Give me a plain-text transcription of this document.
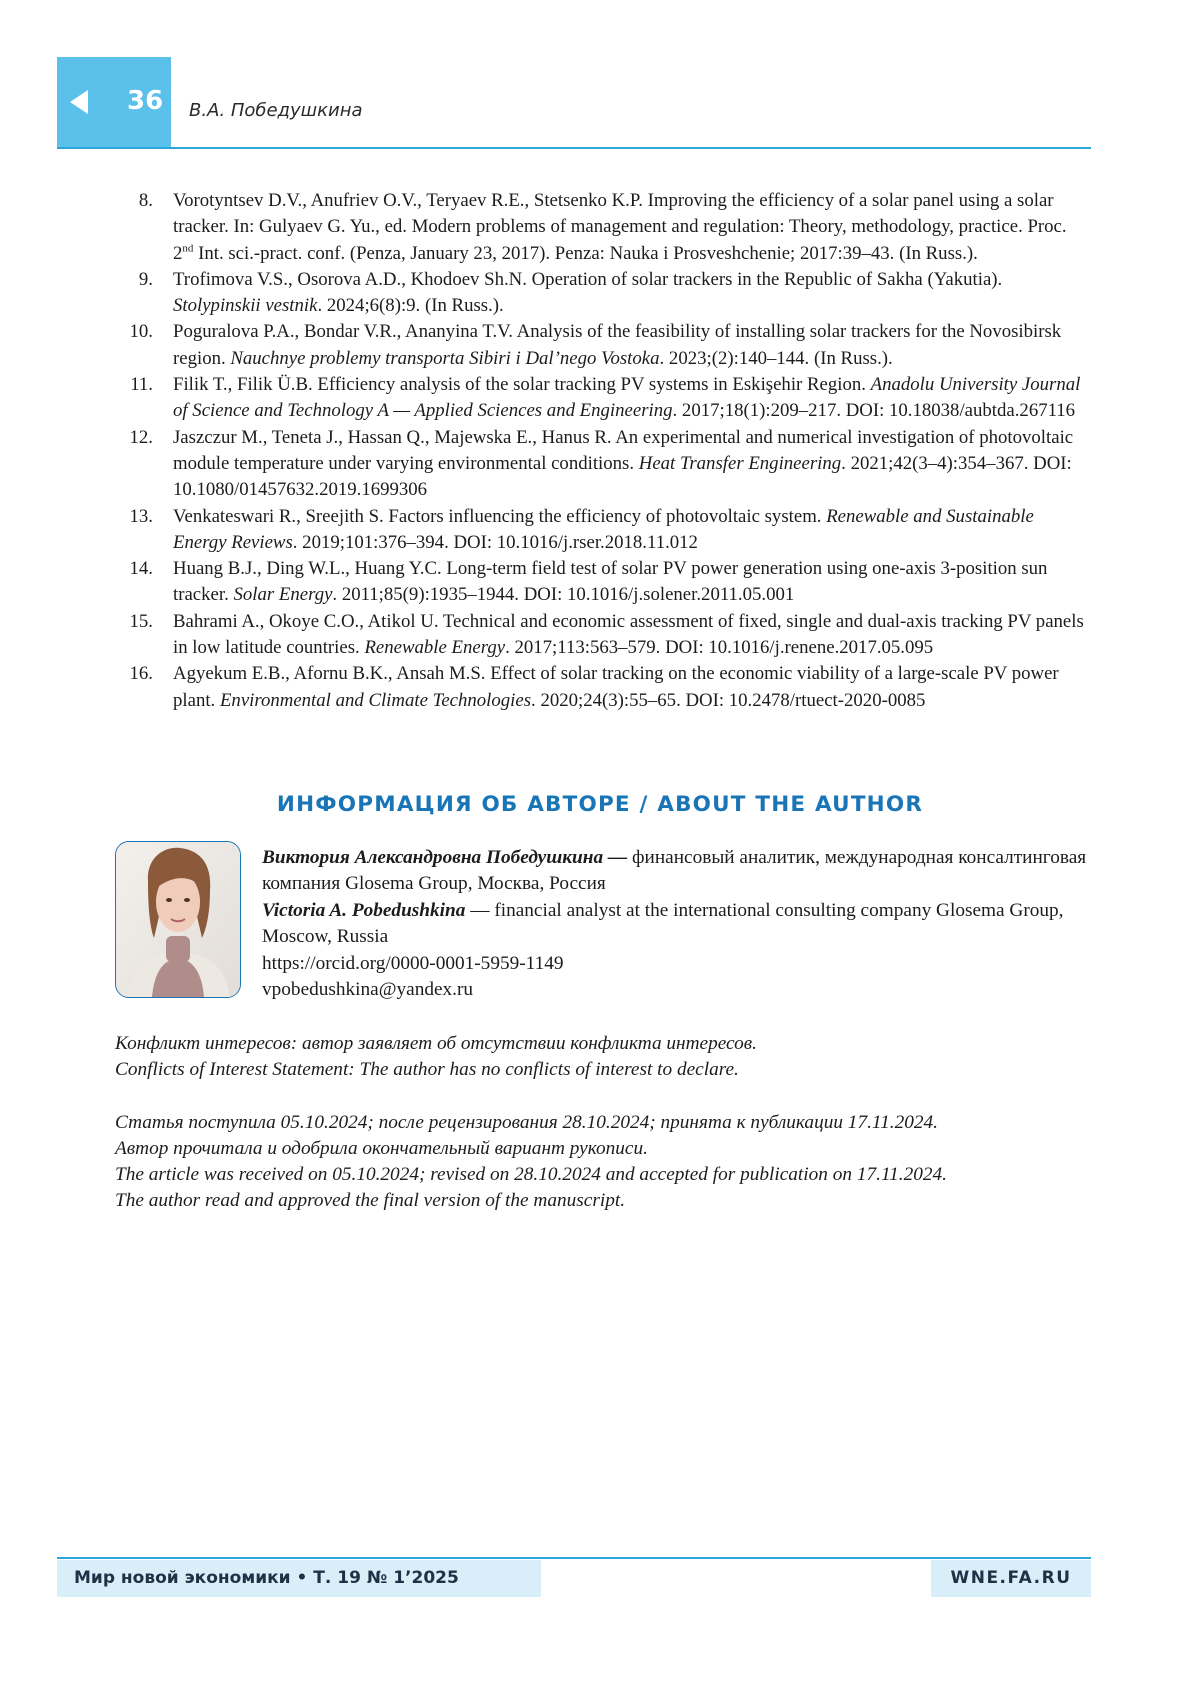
36 В.А. Победушкина
8. Vorotyntsev D.V., Anufriev O.V., Teryaev R.E., Stetsenko K.P. Improving the efficiency of a solar panel using a solar tracker. In: Gulyaev G. Yu., ed. Modern problems of management and regulation: Theory, methodology, practice. Proc. 2nd Int. sci.-pract. conf. (Penza, January 23, 2017). Penza: Nauka i Prosveshchenie; 2017:39–43. (In Russ.).
9. Trofimova V.S., Osorova A.D., Khodoev Sh.N. Operation of solar trackers in the Republic of Sakha (Yakutia). Stolypinskii vestnik. 2024;6(8):9. (In Russ.).
10. Poguralova P.A., Bondar V.R., Ananyina T.V. Analysis of the feasibility of installing solar trackers for the Novosibirsk region. Nauchnye problemy transporta Sibiri i Dal’nego Vostoka. 2023;(2):140–144. (In Russ.).
11. Filik T., Filik Ü.B. Efficiency analysis of the solar tracking PV systems in Eskişehir Region. Anadolu University Journal of Science and Technology A — Applied Sciences and Engineering. 2017;18(1):209–217. DOI: 10.18038/aubtda.267116
12. Jaszczur M., Teneta J., Hassan Q., Majewska E., Hanus R. An experimental and numerical investigation of photovoltaic module temperature under varying environmental conditions. Heat Transfer Engineering. 2021;42(3–4):354–367. DOI: 10.1080/01457632.2019.1699306
13. Venkateswari R., Sreejith S. Factors influencing the efficiency of photovoltaic system. Renewable and Sustainable Energy Reviews. 2019;101:376–394. DOI: 10.1016/j.rser.2018.11.012
14. Huang B.J., Ding W.L., Huang Y.C. Long-term field test of solar PV power generation using one-axis 3-position sun tracker. Solar Energy. 2011;85(9):1935–1944. DOI: 10.1016/j.solener.2011.05.001
15. Bahrami A., Okoye C.O., Atikol U. Technical and economic assessment of fixed, single and dual-axis tracking PV panels in low latitude countries. Renewable Energy. 2017;113:563–579. DOI: 10.1016/j.renene.2017.05.095
16. Agyekum E.B., Afornu B.K., Ansah M.S. Effect of solar tracking on the economic viability of a large-scale PV power plant. Environmental and Climate Technologies. 2020;24(3):55–65. DOI: 10.2478/rtuect-2020-0085
ИНФОРМАЦИЯ ОБ АВТОРЕ / ABOUT THE AUTHOR

Виктория Александровна Победушкина — финансовый аналитик, международная консалтинговая компания Glosema Group, Москва, Россия

Victoria A. Pobedushkina — financial analyst at the international consulting company Glosema Group, Moscow, Russia

https://orcid.org/0000-0001-5959-1149

vpobedushkina@yandex.ru

Конфликт интересов: автор заявляет об отсутствии конфликта интересов.

Conflicts of Interest Statement: The author has no conflicts of interest to declare.

Статья поступила 05.10.2024; после рецензирования 28.10.2024; принята к публикации 17.11.2024.

Автор прочитала и одобрила окончательный вариант рукописи.

The article was received on 05.10.2024; revised on 28.10.2024 and accepted for publication on 17.11.2024.

The author read and approved the final version of the manuscript.

Мир новой экономики • Т. 19 № 1’2025	WNE.FA.RU
